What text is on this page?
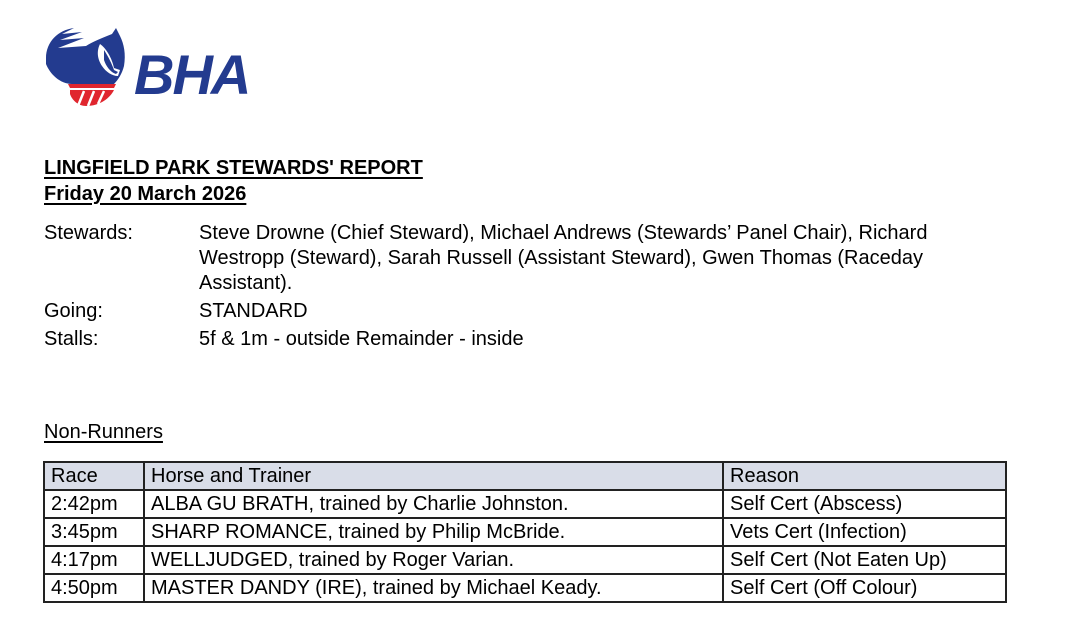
BHA
LINGFIELD PARK STEWARDS' REPORT
Friday 20 March 2026
Stewards:	Steve Drowne (Chief Steward), Michael Andrews (Stewards’ Panel Chair), Richard Westropp (Steward), Sarah Russell (Assistant Steward), Gwen Thomas (Raceday Assistant).
Going:	STANDARD
Stalls:	5f & 1m - outside Remainder - inside
Non-Runners
Race	Horse and Trainer	Reason
2:42pm	ALBA GU BRATH, trained by Charlie Johnston.	Self Cert (Abscess)
3:45pm	SHARP ROMANCE, trained by Philip McBride.	Vets Cert (Infection)
4:17pm	WELLJUDGED, trained by Roger Varian.	Self Cert (Not Eaten Up)
4:50pm	MASTER DANDY (IRE), trained by Michael Keady.	Self Cert (Off Colour)
